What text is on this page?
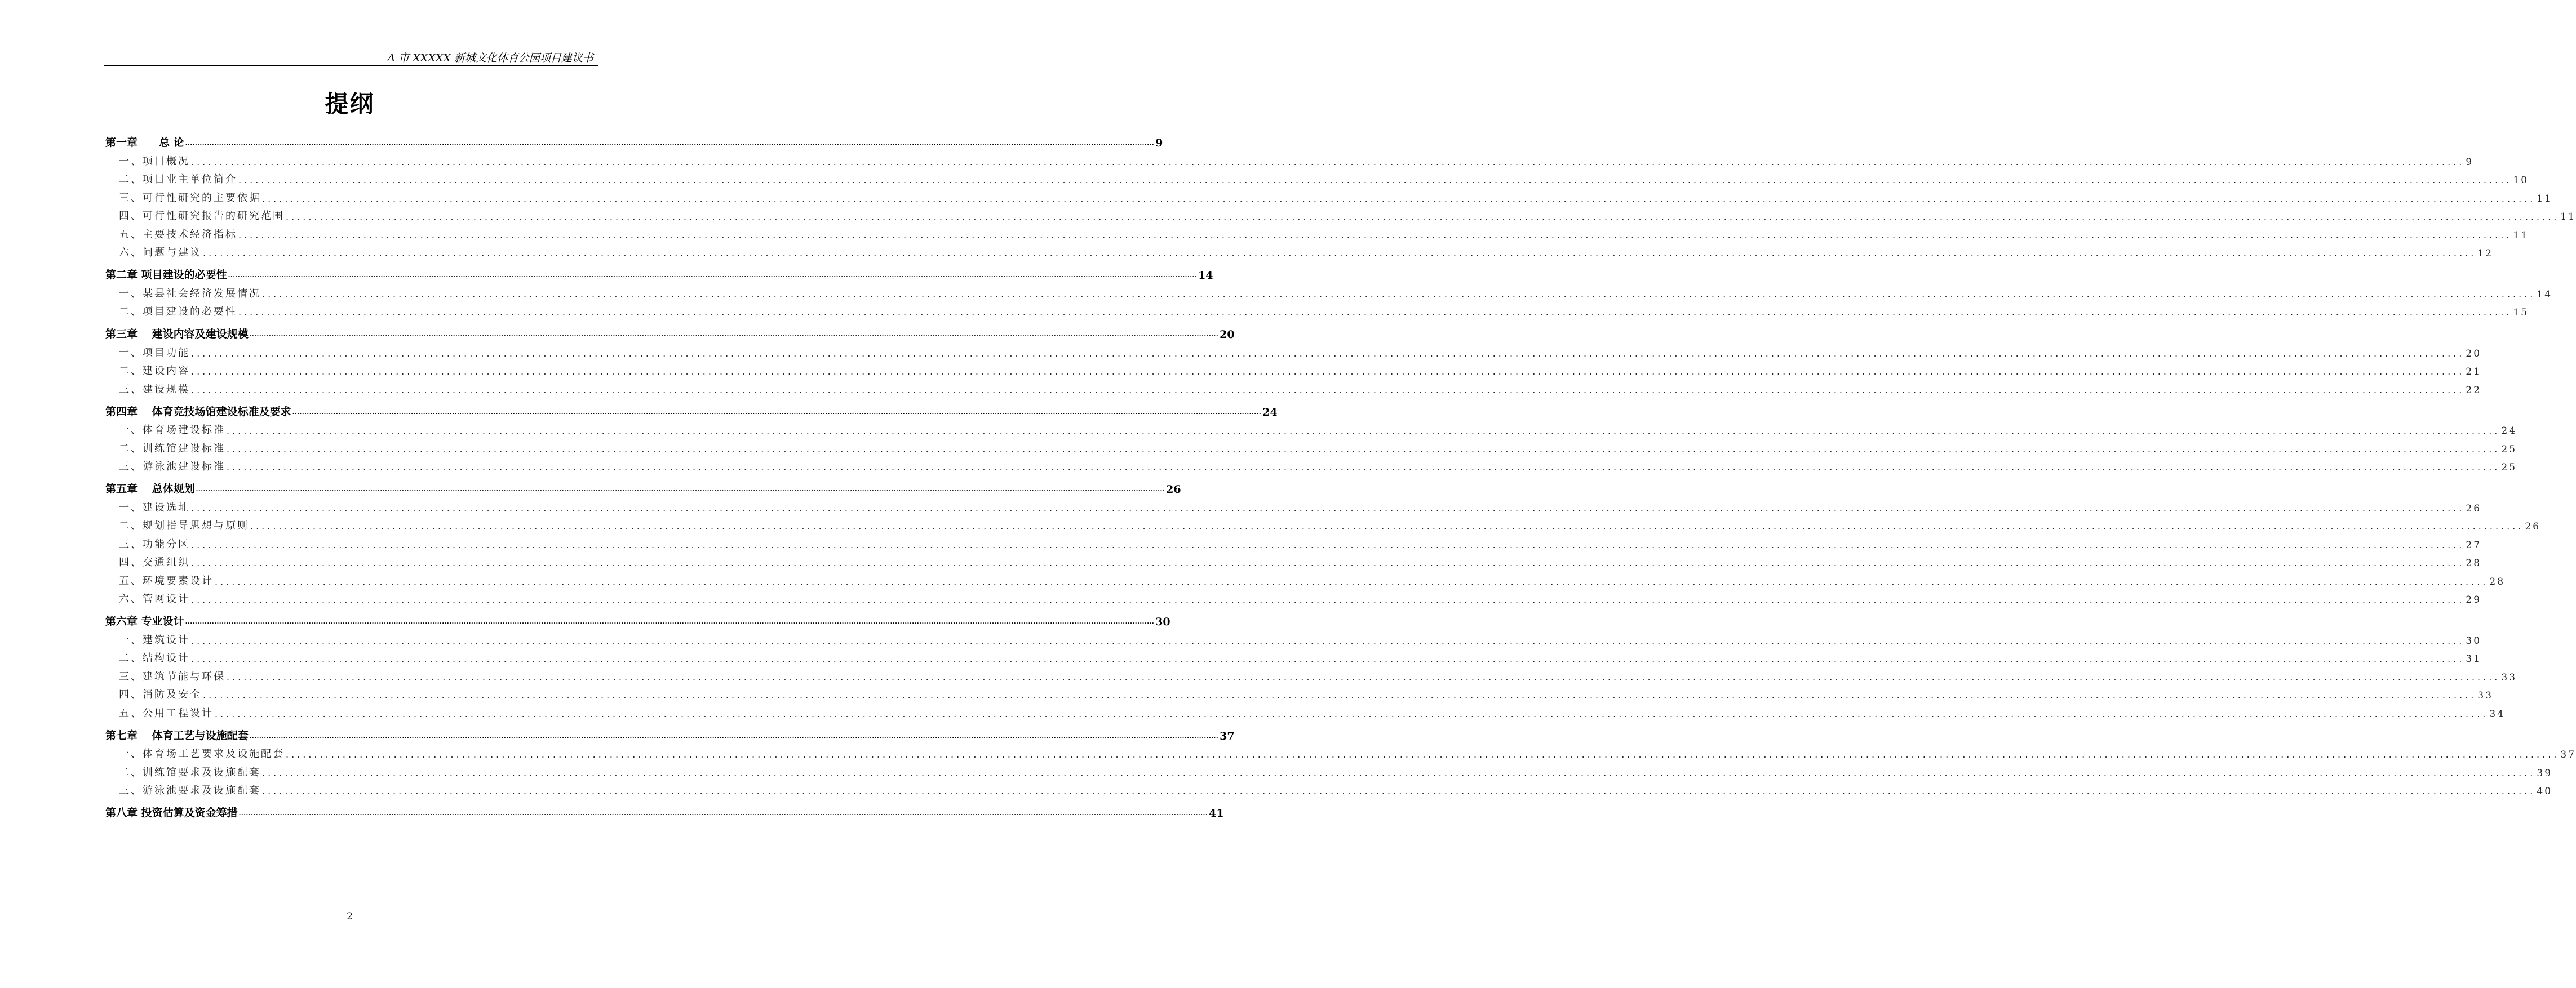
A 市 XXXXX 新城文化体育公园项目建议书
提纲
第一章　　总 论 ................................................................................................................................................................................................................................................................................................................................................................................................................ 9
一、项目概况 ................................................................................................................................................................................................................................................................................................................................................................................................................ 9
二、项目业主单位简介 ................................................................................................................................................................................................................................................................................................................................................................................................................ 10
三、可行性研究的主要依据 ................................................................................................................................................................................................................................................................................................................................................................................................................ 11
四、可行性研究报告的研究范围 ................................................................................................................................................................................................................................................................................................................................................................................................................ 11
五、主要技术经济指标 ................................................................................................................................................................................................................................................................................................................................................................................................................ 11
六、问题与建议 ................................................................................................................................................................................................................................................................................................................................................................................................................ 12
第二章 项目建设的必要性 ................................................................................................................................................................................................................................................................................................................................................................................................................ 14
一、某县社会经济发展情况 ................................................................................................................................................................................................................................................................................................................................................................................................................ 14
二、项目建设的必要性 ................................................................................................................................................................................................................................................................................................................................................................................................................ 15
第三章　 建设内容及建设规模 ................................................................................................................................................................................................................................................................................................................................................................................................................ 20
一、项目功能 ................................................................................................................................................................................................................................................................................................................................................................................................................ 20
二、建设内容 ................................................................................................................................................................................................................................................................................................................................................................................................................ 21
三、建设规模 ................................................................................................................................................................................................................................................................................................................................................................................................................ 22
第四章　 体育竞技场馆建设标准及要求 ................................................................................................................................................................................................................................................................................................................................................................................................................ 24
一、体育场建设标准 ................................................................................................................................................................................................................................................................................................................................................................................................................ 24
二、训练馆建设标准 ................................................................................................................................................................................................................................................................................................................................................................................................................ 25
三、游泳池建设标准 ................................................................................................................................................................................................................................................................................................................................................................................................................ 25
第五章　 总体规划 ................................................................................................................................................................................................................................................................................................................................................................................................................ 26
一、建设选址 ................................................................................................................................................................................................................................................................................................................................................................................................................ 26
二、规划指导思想与原则 ................................................................................................................................................................................................................................................................................................................................................................................................................ 26
三、功能分区 ................................................................................................................................................................................................................................................................................................................................................................................................................ 27
四、交通组织 ................................................................................................................................................................................................................................................................................................................................................................................................................ 28
五、环境要素设计 ................................................................................................................................................................................................................................................................................................................................................................................................................ 28
六、管网设计 ................................................................................................................................................................................................................................................................................................................................................................................................................ 29
第六章 专业设计 ................................................................................................................................................................................................................................................................................................................................................................................................................ 30
一、建筑设计 ................................................................................................................................................................................................................................................................................................................................................................................................................ 30
二、结构设计 ................................................................................................................................................................................................................................................................................................................................................................................................................ 31
三、建筑节能与环保 ................................................................................................................................................................................................................................................................................................................................................................................................................ 33
四、消防及安全 ................................................................................................................................................................................................................................................................................................................................................................................................................ 33
五、公用工程设计 ................................................................................................................................................................................................................................................................................................................................................................................................................ 34
第七章　 体育工艺与设施配套 ................................................................................................................................................................................................................................................................................................................................................................................................................ 37
一、体育场工艺要求及设施配套 ................................................................................................................................................................................................................................................................................................................................................................................................................ 37
二、训练馆要求及设施配套 ................................................................................................................................................................................................................................................................................................................................................................................................................ 39
三、游泳池要求及设施配套 ................................................................................................................................................................................................................................................................................................................................................................................................................ 40
第八章 投资估算及资金筹措 ................................................................................................................................................................................................................................................................................................................................................................................................................ 41
2
